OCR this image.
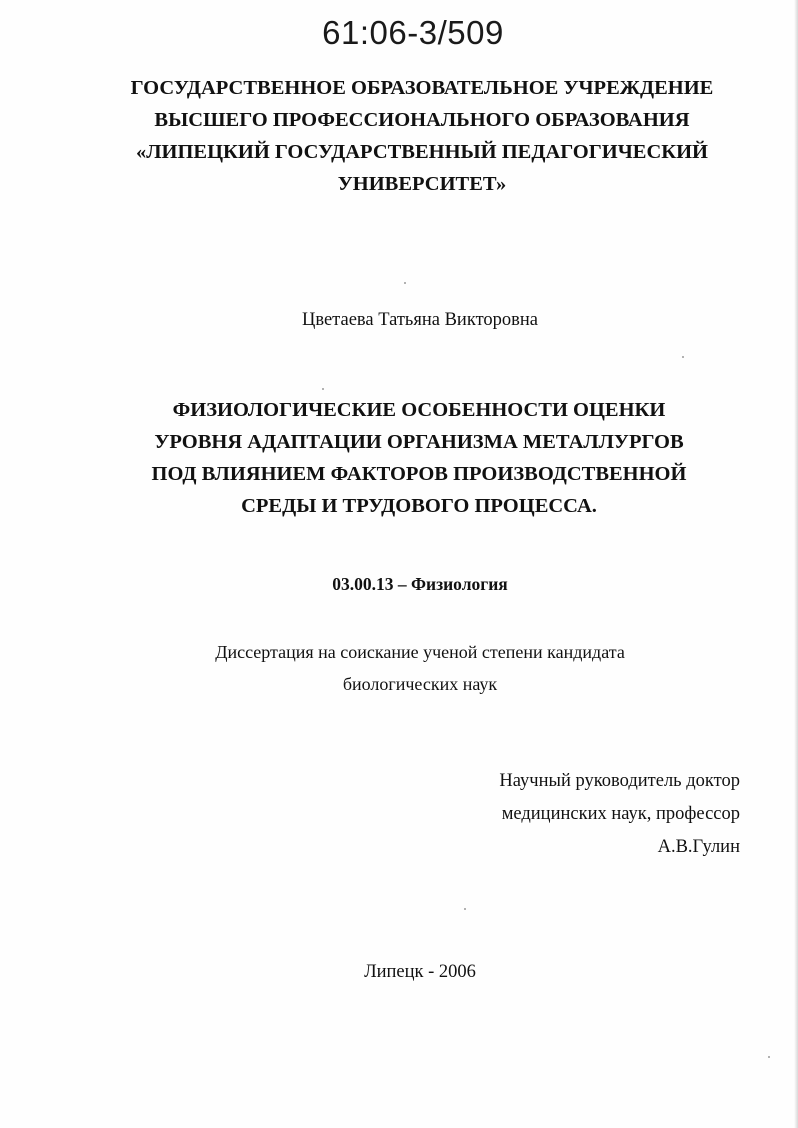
61:06-3/509
ГОСУДАРСТВЕННОЕ ОБРАЗОВАТЕЛЬНОЕ УЧРЕЖДЕНИЕ
ВЫСШЕГО ПРОФЕССИОНАЛЬНОГО ОБРАЗОВАНИЯ
«ЛИПЕЦКИЙ ГОСУДАРСТВЕННЫЙ ПЕДАГОГИЧЕСКИЙ
УНИВЕРСИТЕТ»
Цветаева Татьяна Викторовна
ФИЗИОЛОГИЧЕСКИЕ ОСОБЕННОСТИ ОЦЕНКИ
УРОВНЯ АДАПТАЦИИ ОРГАНИЗМА МЕТАЛЛУРГОВ
ПОД ВЛИЯНИЕМ ФАКТОРОВ ПРОИЗВОДСТВЕННОЙ
СРЕДЫ И ТРУДОВОГО ПРОЦЕССА.
03.00.13 – Физиология
Диссертация на соискание ученой степени кандидата
биологических наук
Научный руководитель доктор
медицинских наук, профессор
А.В.Гулин
Липецк - 2006
